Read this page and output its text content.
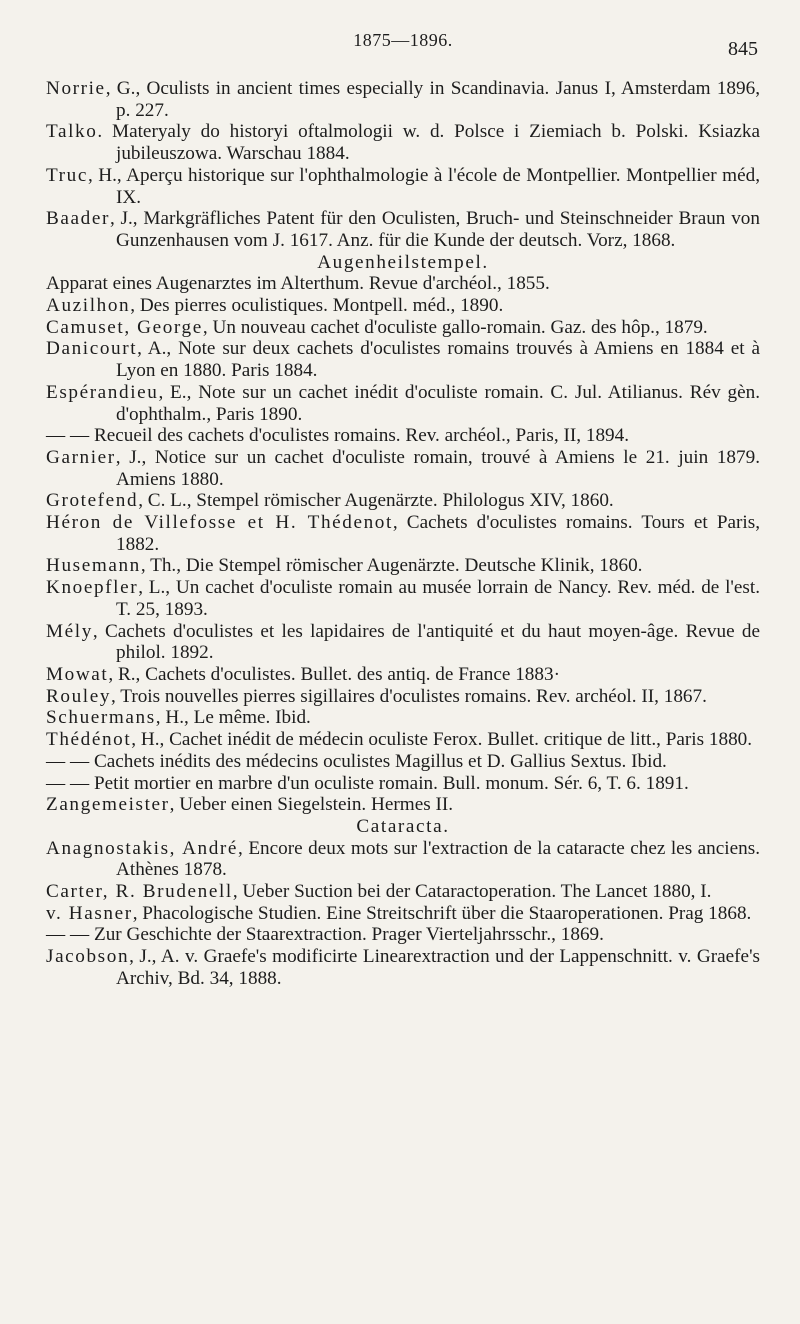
1875—1896.	845
Norrie, G., Oculists in ancient times especially in Scandinavia. Janus I, Amsterdam 1896, p. 227.
Talko. Materyaly do historyi oftalmologii w. d. Polsce i Ziemiach b. Polski. Ksiazka jubileuszowa. Warschau 1884.
Truc, H., Aperçu historique sur l'ophthalmologie à l'école de Montpellier. Montpellier méd, IX.
Baader, J., Markgräfliches Patent für den Oculisten, Bruch- und Steinschneider Braun von Gunzenhausen vom J. 1617. Anz. für die Kunde der deutsch. Vorz, 1868.
Augenheilstempel.
Apparat eines Augenarztes im Alterthum. Revue d'archéol., 1855.
Auzilhon, Des pierres oculistiques. Montpell. méd., 1890.
Camuset, George, Un nouveau cachet d'oculiste gallo-romain. Gaz. des hôp., 1879.
Danicourt, A., Note sur deux cachets d'oculistes romains trouvés à Amiens en 1884 et à Lyon en 1880. Paris 1884.
Espérandieu, E., Note sur un cachet inédit d'oculiste romain. C. Jul. Atilianus. Rév gèn. d'ophthalm., Paris 1890.
— — Recueil des cachets d'oculistes romains. Rev. archéol., Paris, II, 1894.
Garnier, J., Notice sur un cachet d'oculiste romain, trouvé à Amiens le 21. juin 1879. Amiens 1880.
Grotefend, C. L., Stempel römischer Augenärzte. Philologus XIV, 1860.
Héron de Villefosse et H. Thédenot, Cachets d'oculistes romains. Tours et Paris, 1882.
Husemann, Th., Die Stempel römischer Augenärzte. Deutsche Klinik, 1860.
Knoepfler, L., Un cachet d'oculiste romain au musée lorrain de Nancy. Rev. méd. de l'est. T. 25, 1893.
Mély, Cachets d'oculistes et les lapidaires de l'antiquité et du haut moyen-âge. Revue de philol. 1892.
Mowat, R., Cachets d'oculistes. Bullet. des antiq. de France 1883·
Rouley, Trois nouvelles pierres sigillaires d'oculistes romains. Rev. archéol. II, 1867.
Schuermans, H., Le même. Ibid.
Thédénot, H., Cachet inédit de médecin oculiste Ferox. Bullet. critique de litt., Paris 1880.
— — Cachets inédits des médecins oculistes Magillus et D. Gallius Sextus. Ibid.
— — Petit mortier en marbre d'un oculiste romain. Bull. monum. Sér. 6, T. 6. 1891.
Zangemeister, Ueber einen Siegelstein. Hermes II.
Cataracta.
Anagnostakis, André, Encore deux mots sur l'extraction de la cataracte chez les anciens. Athènes 1878.
Carter, R. Brudenell, Ueber Suction bei der Cataractoperation. The Lancet 1880, I.
v. Hasner, Phacologische Studien. Eine Streitschrift über die Staaroperationen. Prag 1868.
— — Zur Geschichte der Staarextraction. Prager Vierteljahrsschr., 1869.
Jacobson, J., A. v. Graefe's modificirte Linearextraction und der Lappenschnitt. v. Graefe's Archiv, Bd. 34, 1888.
